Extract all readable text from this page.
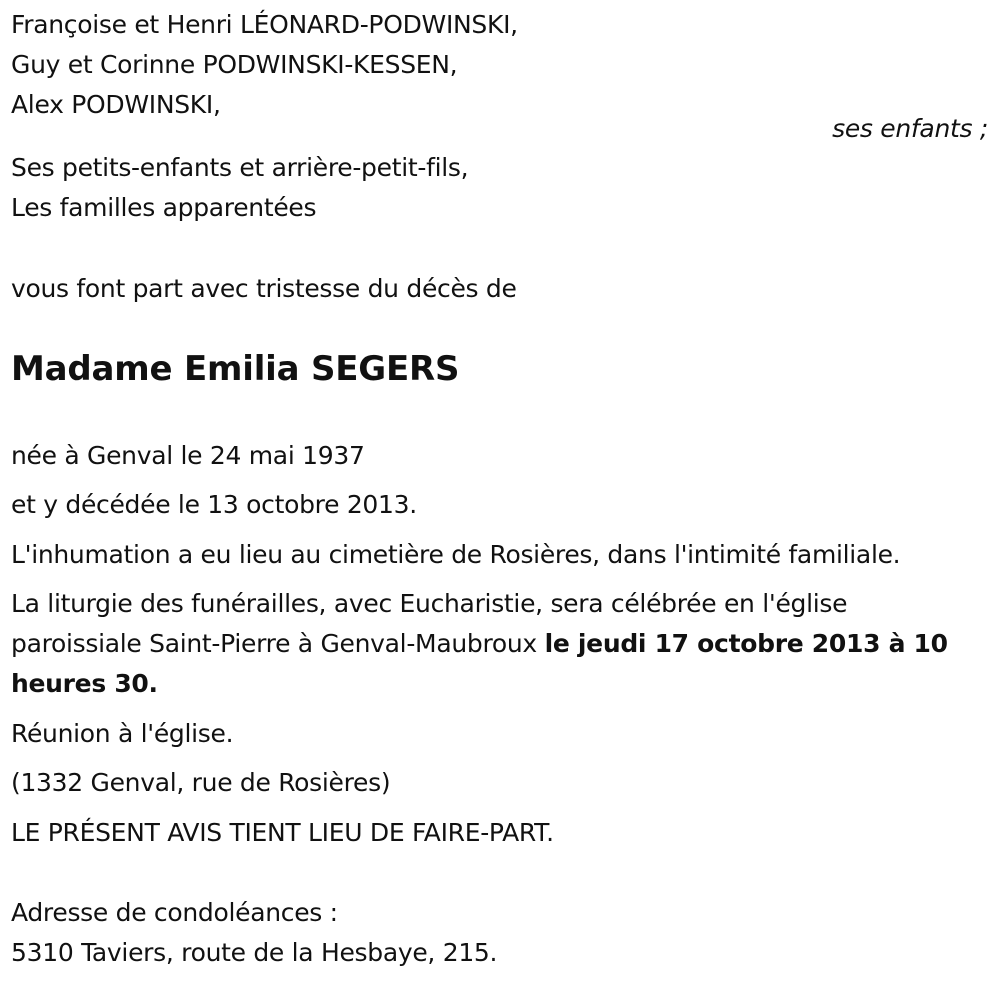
Françoise et Henri LÉONARD-PODWINSKI,
Guy et Corinne PODWINSKI-KESSEN,
Alex PODWINSKI,
ses enfants ;
Ses petits-enfants et arrière-petit-fils,
Les familles apparentées
vous font part avec tristesse du décès de
Madame Emilia SEGERS
née à Genval le 24 mai 1937
et y décédée le 13 octobre 2013.
L'inhumation a eu lieu au cimetière de Rosières, dans l'intimité familiale.
La liturgie des funérailles, avec Eucharistie, sera célébrée en l'église
paroissiale Saint-Pierre à Genval-Maubroux le jeudi 17 octobre 2013 à 10
heures 30.
Réunion à l'église.
(1332 Genval, rue de Rosières)
LE PRÉSENT AVIS TIENT LIEU DE FAIRE-PART.
Adresse de condoléances :
5310 Taviers, route de la Hesbaye, 215.
